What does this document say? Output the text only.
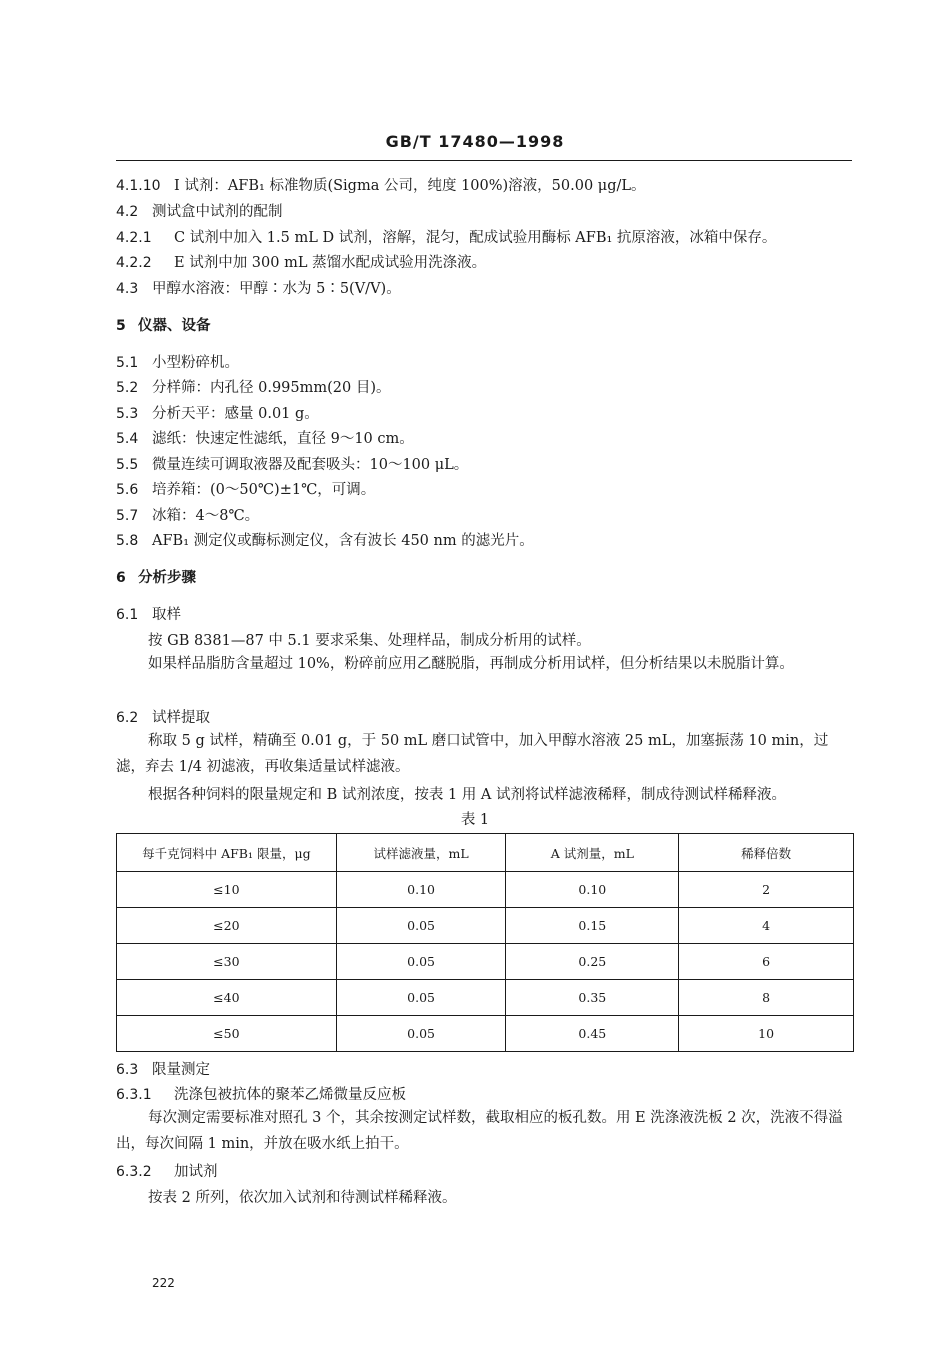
GB/T 17480—1998
4.1.10 I 试剂：AFB₁ 标准物质(Sigma 公司，纯度 100%)溶液，50.00 μg/L。
4.2 测试盒中试剂的配制
4.2.1 C 试剂中加入 1.5 mL D 试剂，溶解，混匀，配成试验用酶标 AFB₁ 抗原溶液，冰箱中保存。
4.2.2 E 试剂中加 300 mL 蒸馏水配成试验用洗涤液。
4.3 甲醇水溶液：甲醇∶水为 5∶5(V/V)。
5 仪器、设备
5.1 小型粉碎机。
5.2 分样筛：内孔径 0.995mm(20 目)。
5.3 分析天平：感量 0.01 g。
5.4 滤纸：快速定性滤纸，直径 9～10 cm。
5.5 微量连续可调取液器及配套吸头：10～100 μL。
5.6 培养箱：(0～50℃)±1℃，可调。
5.7 冰箱：4～8℃。
5.8 AFB₁ 测定仪或酶标测定仪，含有波长 450 nm 的滤光片。
6 分析步骤
6.1 取样
按 GB 8381—87 中 5.1 要求采集、处理样品，制成分析用的试样。
如果样品脂肪含量超过 10%，粉碎前应用乙醚脱脂，再制成分析用试样，但分析结果以未脱脂计算。
6.2 试样提取
称取 5 g 试样，精确至 0.01 g，于 50 mL 磨口试管中，加入甲醇水溶液 25 mL，加塞振荡 10 min，过滤，弃去 1/4 初滤液，再收集适量试样滤液。
根据各种饲料的限量规定和 B 试剂浓度，按表 1 用 A 试剂将试样滤液稀释，制成待测试样稀释液。
表 1
每千克饲料中 AFB₁ 限量，μg	试样滤液量，mL	A 试剂量，mL	稀释倍数
≤10	0.10	0.10	2
≤20	0.05	0.15	4
≤30	0.05	0.25	6
≤40	0.05	0.35	8
≤50	0.05	0.45	10
6.3 限量测定
6.3.1 洗涤包被抗体的聚苯乙烯微量反应板
每次测定需要标准对照孔 3 个，其余按测定试样数，截取相应的板孔数。用 E 洗涤液洗板 2 次，洗液不得溢出，每次间隔 1 min，并放在吸水纸上拍干。
6.3.2 加试剂
按表 2 所列，依次加入试剂和待测试样稀释液。
222
